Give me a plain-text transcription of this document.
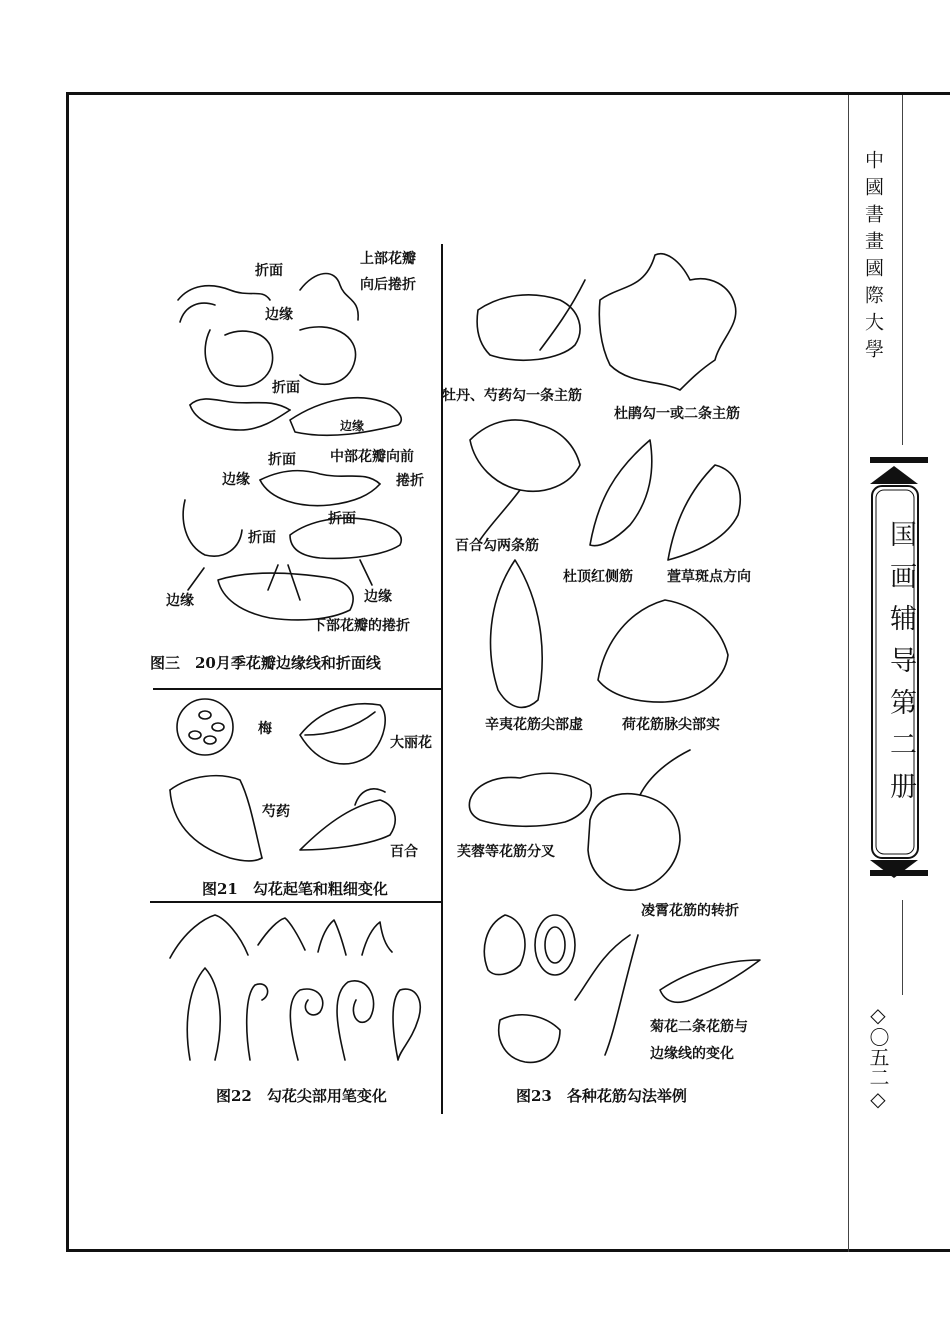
中國書畫國際大學
国画辅导第二册
◇〇五二◇
折面
上部花瓣
向后捲折
边缘
折面
边缘
折面 中部花瓣向前
捲折
边缘
折面
折面
边缘	边缘
下部花瓣的捲折
图三　20月季花瓣边缘线和折面线
梅
大丽花
芍药
百合
图21　勾花起笔和粗细变化
图22　勾花尖部用笔变化
牡丹、芍药勾一条主筋
杜鹃勾一或二条主筋
百合勾两条筋
杜顶红侧筋 萱草斑点方向
辛夷花筋尖部虚	荷花筋脉尖部实
芙蓉等花筋分叉
凌霄花筋的转折
菊花二条花筋与
边缘线的变化
图23　各种花筋勾法举例
